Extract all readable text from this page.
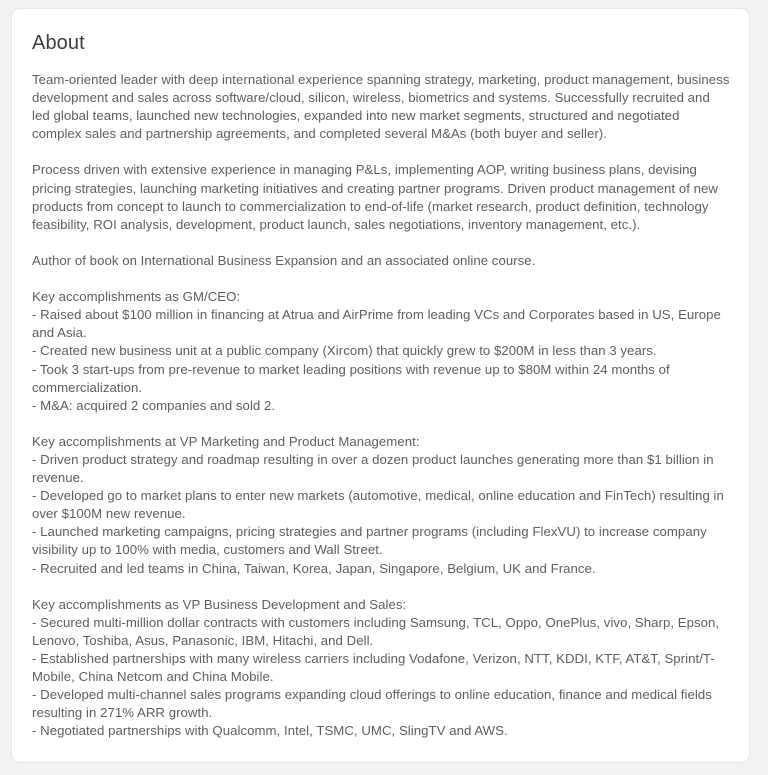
About

Team-oriented leader with deep international experience spanning strategy, marketing, product management, business development and sales across software/cloud, silicon, wireless, biometrics and systems. Successfully recruited and led global teams, launched new technologies, expanded into new market segments, structured and negotiated complex sales and partnership agreements, and completed several M&As (both buyer and seller).

Process driven with extensive experience in managing P&Ls, implementing AOP, writing business plans, devising pricing strategies, launching marketing initiatives and creating partner programs. Driven product management of new products from concept to launch to commercialization to end-of-life (market research, product definition, technology feasibility, ROI analysis, development, product launch, sales negotiations, inventory management, etc.).

Author of book on International Business Expansion and an associated online course.

Key accomplishments as GM/CEO:

- Raised about $100 million in financing at Atrua and AirPrime from leading VCs and Corporates based in US, Europe and Asia.

- Created new business unit at a public company (Xircom) that quickly grew to $200M in less than 3 years.

- Took 3 start-ups from pre-revenue to market leading positions with revenue up to $80M within 24 months of commercialization.

- M&A: acquired 2 companies and sold 2.

Key accomplishments at VP Marketing and Product Management:

- Driven product strategy and roadmap resulting in over a dozen product launches generating more than $1 billion in revenue.

- Developed go to market plans to enter new markets (automotive, medical, online education and FinTech) resulting in over $100M new revenue.

- Launched marketing campaigns, pricing strategies and partner programs (including FlexVU) to increase company visibility up to 100% with media, customers and Wall Street.

- Recruited and led teams in China, Taiwan, Korea, Japan, Singapore, Belgium, UK and France.

Key accomplishments as VP Business Development and Sales:

- Secured multi-million dollar contracts with customers including Samsung, TCL, Oppo, OnePlus, vivo, Sharp, Epson, Lenovo, Toshiba, Asus, Panasonic, IBM, Hitachi, and Dell.

- Established partnerships with many wireless carriers including Vodafone, Verizon, NTT, KDDI, KTF, AT&T, Sprint/T-Mobile, China Netcom and China Mobile.

- Developed multi-channel sales programs expanding cloud offerings to online education, finance and medical fields resulting in 271% ARR growth.

- Negotiated partnerships with Qualcomm, Intel, TSMC, UMC, SlingTV and AWS.
